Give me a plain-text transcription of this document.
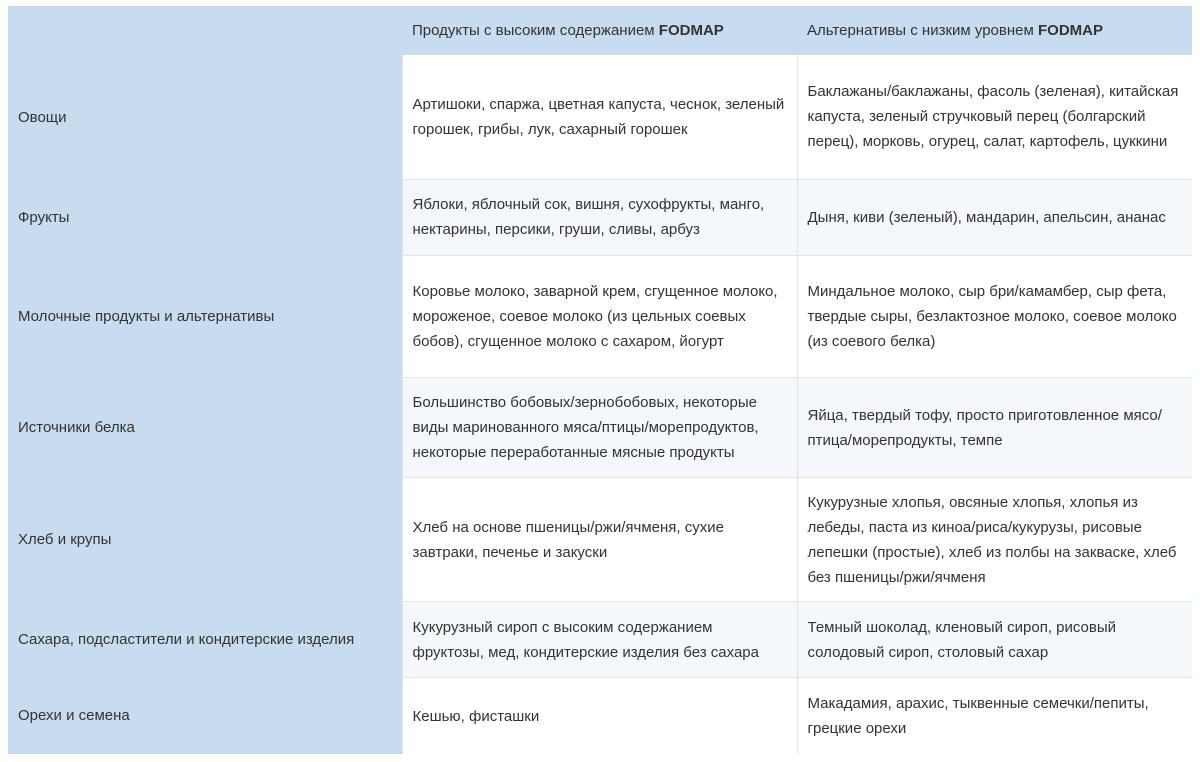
	Продукты с высоким содержанием FODMAP	Альтернативы с низким уровнем FODMAP
Овощи	Артишоки, спаржа, цветная капуста, чеснок, зеленый горошек, грибы, лук, сахарный горошек	Баклажаны/баклажаны, фасоль (зеленая), китайская капуста, зеленый стручковый перец (болгарский перец), морковь, огурец, салат, картофель, цуккини
Фрукты	Яблоки, яблочный сок, вишня, сухофрукты, манго, нектарины, персики, груши, сливы, арбуз	Дыня, киви (зеленый), мандарин, апельсин, ананас
Молочные продукты и альтернативы	Коровье молоко, заварной крем, сгущенное молоко, мороженое, соевое молоко (из цельных соевых бобов), сгущенное молоко с сахаром, йогурт	Миндальное молоко, сыр бри/камамбер, сыр фета, твердые сыры, безлактозное молоко, соевое молоко (из соевого белка)
Источники белка	Большинство бобовых/зернобобовых, некоторые виды маринованного мяса/птицы/морепродуктов, некоторые переработанные мясные продукты	Яйца, твердый тофу, просто приготовленное мясо/птица/морепродукты, темпе
Хлеб и крупы	Хлеб на основе пшеницы/ржи/ячменя, сухие завтраки, печенье и закуски	Кукурузные хлопья, овсяные хлопья, хлопья из лебеды, паста из киноа/риса/кукурузы, рисовые лепешки (простые), хлеб из полбы на закваске, хлеб без пшеницы/ржи/ячменя
Сахара, подсластители и кондитерские изделия	Кукурузный сироп с высоким содержанием фруктозы, мед, кондитерские изделия без сахара	Темный шоколад, кленовый сироп, рисовый солодовый сироп, столовый сахар
Орехи и семена	Кешью, фисташки	Макадамия, арахис, тыквенные семечки/пепиты, грецкие орехи
